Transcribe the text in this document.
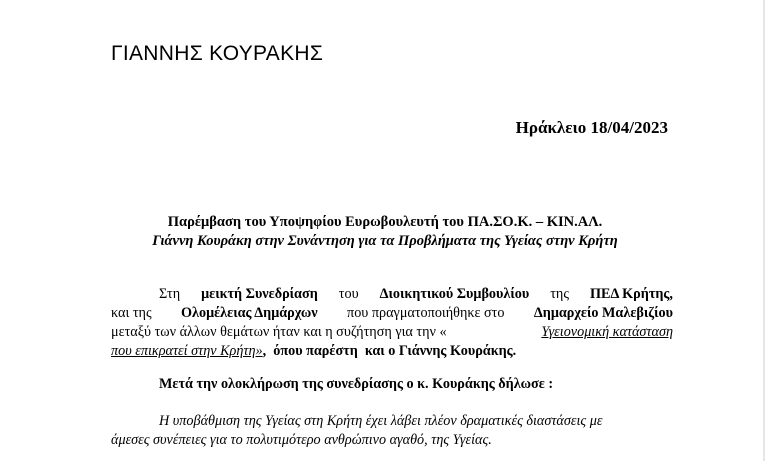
ΓΙΑΝΝΗΣ ΚΟΥΡΑΚΗΣ
Ηράκλειο 18/04/2023
Παρέμβαση του Υποψηφίου Ευρωβουλευτή του ΠΑ.ΣΟ.Κ. – ΚΙΝ.ΑΛ.
Γιάννη Κουράκη στην Συνάντηση για τα Προβλήματα της Υγείας στην Κρήτη
Στη μεικτή Συνεδρίαση του Διοικητικού Συμβουλίου της ΠΕΔ Κρήτης,
και της Ολομέλειας Δημάρχων που πραγματοποιήθηκε στο Δημαρχείο Μαλεβιζίου
μεταξύ των άλλων θεμάτων ήταν και η συζήτηση για την «	Υγειονομική κατάσταση
που επικρατεί στην Κρήτη» ,  όπου παρέστη  και ο Γιάννης Κουράκης.
Μετά την ολοκλήρωση της συνεδρίασης ο κ. Κουράκης δήλωσε :
Η υποβάθμιση της Υγείας στη Κρήτη έχει λάβει πλέον δραματικές διαστάσεις με
άμεσες συνέπειες για το πολυτιμότερο ανθρώπινο αγαθό, της Υγείας.
